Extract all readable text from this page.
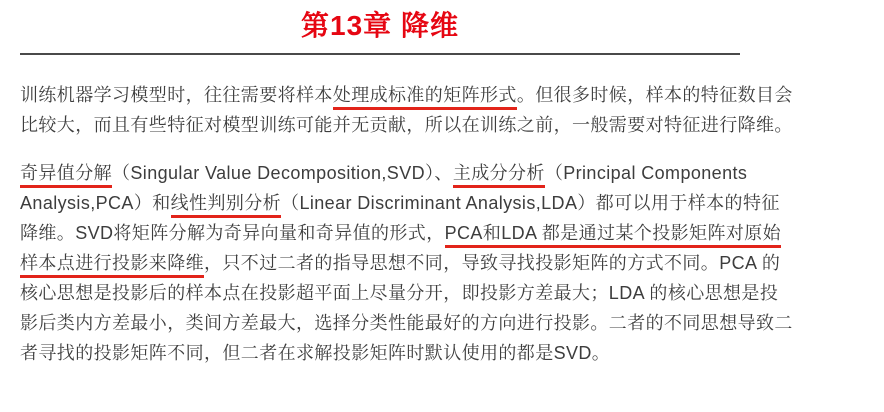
第13章 降维
训练机器学习模型时，往往需要将样本处理成标准的矩阵形式。但很多时候，样本的特征数目会
比较大，而且有些特征对模型训练可能并无贡献，所以在训练之前，一般需要对特征进行降维。
奇异值分解（Singular Value Decomposition,SVD）、主成分分析（Principal Components
Analysis,PCA）和线性判别分析（Linear Discriminant Analysis,LDA）都可以用于样本的特征
降维。SVD将矩阵分解为奇异向量和奇异值的形式，PCA和LDA 都是通过某个投影矩阵对原始
样本点进行投影来降维，只不过二者的指导思想不同，导致寻找投影矩阵的方式不同。PCA 的
核心思想是投影后的样本点在投影超平面上尽量分开，即投影方差最大；LDA 的核心思想是投
影后类内方差最小，类间方差最大，选择分类性能最好的方向进行投影。二者的不同思想导致二
者寻找的投影矩阵不同，但二者在求解投影矩阵时默认使用的都是SVD。
